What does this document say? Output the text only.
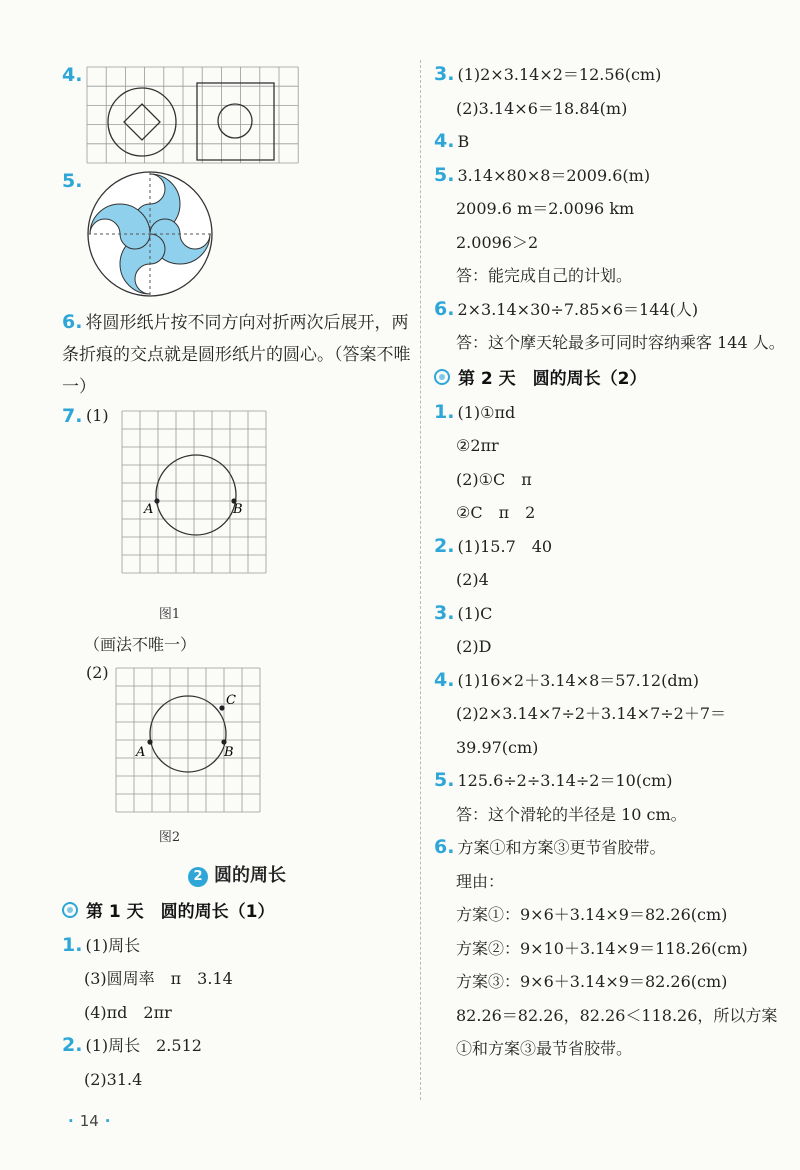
4.
5.
6. 将圆形纸片按不同方向对折两次后展开，两条折痕的交点就是圆形纸片的圆心。（答案不唯一）
7. (1)
A	B
图1
（画法不唯一）
(2)
A	B
C
图2
2 圆的周长
第 1 天　圆的周长（1）
1. (1)周长
(3)圆周率　π　3.14
(4)πd　2πr
2. (1)周长　2.512
(2)31.4
3. (1)2×3.14×2＝12.56(cm)
(2)3.14×6＝18.84(m)
4. B
5. 3.14×80×8＝2009.6(m)
2009.6 m＝2.0096 km
2.0096＞2
答：能完成自己的计划。
6. 2×3.14×30÷7.85×6＝144(人)
答：这个摩天轮最多可同时容纳乘客 144 人。
第 2 天　圆的周长（2）
1. (1)①πd
②2πr
(2)①C　π
②C　π　2
2. (1)15.7　40
(2)4
3. (1)C
(2)D
4. (1)16×2＋3.14×8＝57.12(dm)
(2)2×3.14×7÷2＋3.14×7÷2＋7＝39.97(cm)
5. 125.6÷2÷3.14÷2＝10(cm)
答：这个滑轮的半径是 10 cm。
6. 方案①和方案③更节省胶带。
理由：
方案①：9×6＋3.14×9＝82.26(cm)
方案②：9×10＋3.14×9＝118.26(cm)
方案③：9×6＋3.14×9＝82.26(cm)
82.26＝82.26，82.26＜118.26，所以方案①和方案③最节省胶带。
· 14 ·
